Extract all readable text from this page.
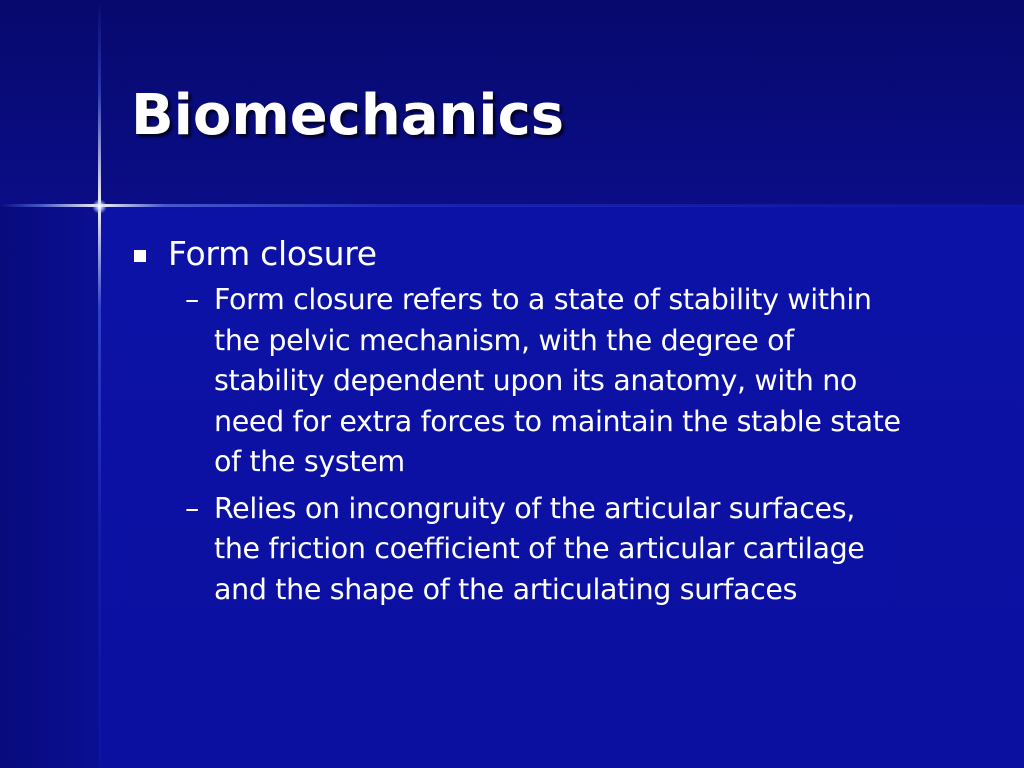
Biomechanics
Form closure
– Form closure refers to a state of stability within
the pelvic mechanism, with the degree of
stability dependent upon its anatomy, with no
need for extra forces to maintain the stable state
of the system
– Relies on incongruity of the articular surfaces,
the friction coefficient of the articular cartilage
and the shape of the articulating surfaces
